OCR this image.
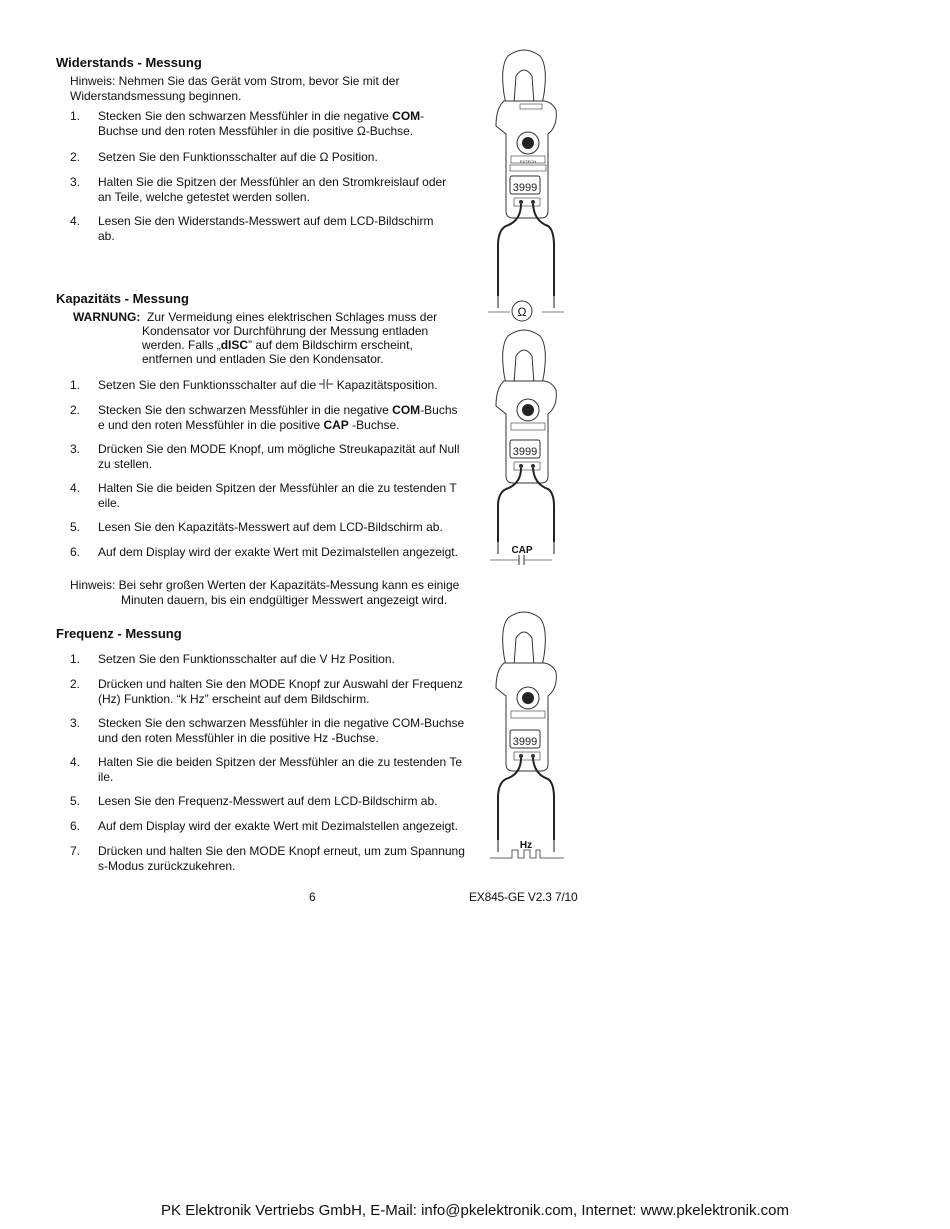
Widerstands - Messung
Hinweis: Nehmen Sie das Gerät vom Strom, bevor Sie mit der
Widerstandsmessung beginnen.
1. Stecken Sie den schwarzen Messfühler in die negative COM-
Buchse und den roten Messfühler in die positive Ω-Buchse.
2. Setzen Sie den Funktionsschalter auf die Ω Position.
3. Halten Sie die Spitzen der Messfühler an den Stromkreislauf oder
an Teile, welche getestet werden sollen.
4. Lesen Sie den Widerstands-Messwert auf dem LCD-Bildschirm
ab.
Kapazitäts - Messung
WARNUNG: Zur Vermeidung eines elektrischen Schlages muss der
Kondensator vor Durchführung der Messung entladen
werden. Falls „dISC” auf dem Bildschirm erscheint,
entfernen und entladen Sie den Kondensator.
1. Setzen Sie den Funktionsschalter auf die  Kapazitätsposition.
2. Stecken Sie den schwarzen Messfühler in die negative COM-Buchs
e und den roten Messfühler in die positive CAP -Buchse.
3. Drücken Sie den MODE Knopf, um mögliche Streukapazität auf Null
zu stellen.
4. Halten Sie die beiden Spitzen der Messfühler an die zu testenden T
eile.
5. Lesen Sie den Kapazitäts-Messwert auf dem LCD-Bildschirm ab.
6. Auf dem Display wird der exakte Wert mit Dezimalstellen angezeigt.
Hinweis: Bei sehr großen Werten der Kapazitäts-Messung kann es einige
Minuten dauern, bis ein endgültiger Messwert angezeigt wird.
Frequenz - Messung
1. Setzen Sie den Funktionsschalter auf die V Hz Position.
2. Drücken und halten Sie den MODE Knopf zur Auswahl der Frequenz
(Hz) Funktion. “k Hz” erscheint auf dem Bildschirm.
3. Stecken Sie den schwarzen Messfühler in die negative COM-Buchse
und den roten Messfühler in die positive Hz -Buchse.
4. Halten Sie die beiden Spitzen der Messfühler an die zu testenden Te
ile.
5. Lesen Sie den Frequenz-Messwert auf dem LCD-Bildschirm ab.
6. Auf dem Display wird der exakte Wert mit Dezimalstellen angezeigt.
7. Drücken und halten Sie den MODE Knopf erneut, um zum Spannung
s-Modus zurückzukehren.
3999
EXTECH
Ω
3999
CAP
3999
Hz
6	EX845-GE V2.3 7/10
PK Elektronik Vertriebs GmbH, E-Mail: info@pkelektronik.com, Internet: www.pkelektronik.com
